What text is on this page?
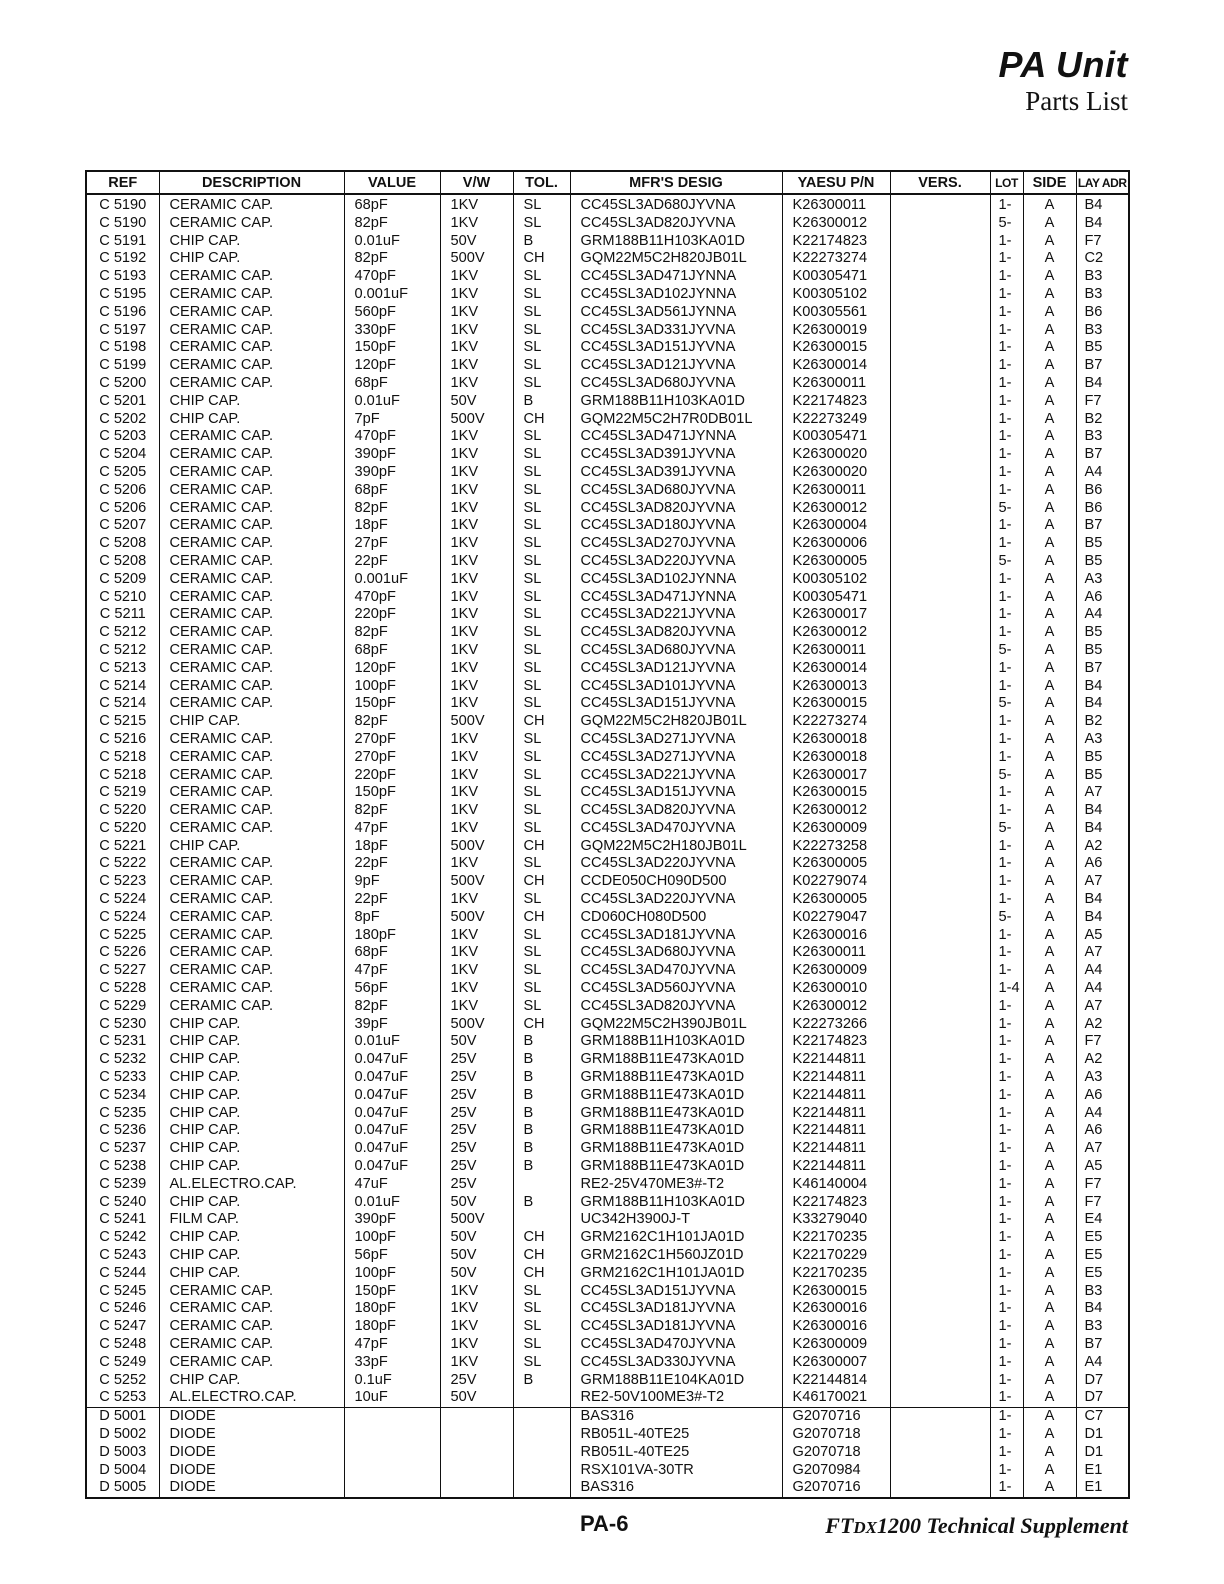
PA Unit
Parts List
REF	DESCRIPTION	VALUE	V/W	TOL.	MFR'S DESIG	YAESU P/N	VERS.	LOT	SIDE	LAY ADR
C 5190	CERAMIC CAP.	68pF	1KV	SL	CC45SL3AD680JYVNA	K26300011		1-	A	B4
C 5190	CERAMIC CAP.	82pF	1KV	SL	CC45SL3AD820JYVNA	K26300012		5-	A	B4
C 5191	CHIP CAP.	0.01uF	50V	B	GRM188B11H103KA01D	K22174823		1-	A	F7
C 5192	CHIP CAP.	82pF	500V	CH	GQM22M5C2H820JB01L	K22273274		1-	A	C2
C 5193	CERAMIC CAP.	470pF	1KV	SL	CC45SL3AD471JYNNA	K00305471		1-	A	B3
C 5195	CERAMIC CAP.	0.001uF	1KV	SL	CC45SL3AD102JYNNA	K00305102		1-	A	B3
C 5196	CERAMIC CAP.	560pF	1KV	SL	CC45SL3AD561JYNNA	K00305561		1-	A	B6
C 5197	CERAMIC CAP.	330pF	1KV	SL	CC45SL3AD331JYVNA	K26300019		1-	A	B3
C 5198	CERAMIC CAP.	150pF	1KV	SL	CC45SL3AD151JYVNA	K26300015		1-	A	B5
C 5199	CERAMIC CAP.	120pF	1KV	SL	CC45SL3AD121JYVNA	K26300014		1-	A	B7
C 5200	CERAMIC CAP.	68pF	1KV	SL	CC45SL3AD680JYVNA	K26300011		1-	A	B4
C 5201	CHIP CAP.	0.01uF	50V	B	GRM188B11H103KA01D	K22174823		1-	A	F7
C 5202	CHIP CAP.	7pF	500V	CH	GQM22M5C2H7R0DB01L	K22273249		1-	A	B2
C 5203	CERAMIC CAP.	470pF	1KV	SL	CC45SL3AD471JYNNA	K00305471		1-	A	B3
C 5204	CERAMIC CAP.	390pF	1KV	SL	CC45SL3AD391JYVNA	K26300020		1-	A	B7
C 5205	CERAMIC CAP.	390pF	1KV	SL	CC45SL3AD391JYVNA	K26300020		1-	A	A4
C 5206	CERAMIC CAP.	68pF	1KV	SL	CC45SL3AD680JYVNA	K26300011		1-	A	B6
C 5206	CERAMIC CAP.	82pF	1KV	SL	CC45SL3AD820JYVNA	K26300012		5-	A	B6
C 5207	CERAMIC CAP.	18pF	1KV	SL	CC45SL3AD180JYVNA	K26300004		1-	A	B7
C 5208	CERAMIC CAP.	27pF	1KV	SL	CC45SL3AD270JYVNA	K26300006		1-	A	B5
C 5208	CERAMIC CAP.	22pF	1KV	SL	CC45SL3AD220JYVNA	K26300005		5-	A	B5
C 5209	CERAMIC CAP.	0.001uF	1KV	SL	CC45SL3AD102JYNNA	K00305102		1-	A	A3
C 5210	CERAMIC CAP.	470pF	1KV	SL	CC45SL3AD471JYNNA	K00305471		1-	A	A6
C 5211	CERAMIC CAP.	220pF	1KV	SL	CC45SL3AD221JYVNA	K26300017		1-	A	A4
C 5212	CERAMIC CAP.	82pF	1KV	SL	CC45SL3AD820JYVNA	K26300012		1-	A	B5
C 5212	CERAMIC CAP.	68pF	1KV	SL	CC45SL3AD680JYVNA	K26300011		5-	A	B5
C 5213	CERAMIC CAP.	120pF	1KV	SL	CC45SL3AD121JYVNA	K26300014		1-	A	B7
C 5214	CERAMIC CAP.	100pF	1KV	SL	CC45SL3AD101JYVNA	K26300013		1-	A	B4
C 5214	CERAMIC CAP.	150pF	1KV	SL	CC45SL3AD151JYVNA	K26300015		5-	A	B4
C 5215	CHIP CAP.	82pF	500V	CH	GQM22M5C2H820JB01L	K22273274		1-	A	B2
C 5216	CERAMIC CAP.	270pF	1KV	SL	CC45SL3AD271JYVNA	K26300018		1-	A	A3
C 5218	CERAMIC CAP.	270pF	1KV	SL	CC45SL3AD271JYVNA	K26300018		1-	A	B5
C 5218	CERAMIC CAP.	220pF	1KV	SL	CC45SL3AD221JYVNA	K26300017		5-	A	B5
C 5219	CERAMIC CAP.	150pF	1KV	SL	CC45SL3AD151JYVNA	K26300015		1-	A	A7
C 5220	CERAMIC CAP.	82pF	1KV	SL	CC45SL3AD820JYVNA	K26300012		1-	A	B4
C 5220	CERAMIC CAP.	47pF	1KV	SL	CC45SL3AD470JYVNA	K26300009		5-	A	B4
C 5221	CHIP CAP.	18pF	500V	CH	GQM22M5C2H180JB01L	K22273258		1-	A	A2
C 5222	CERAMIC CAP.	22pF	1KV	SL	CC45SL3AD220JYVNA	K26300005		1-	A	A6
C 5223	CERAMIC CAP.	9pF	500V	CH	CCDE050CH090D500	K02279074		1-	A	A7
C 5224	CERAMIC CAP.	22pF	1KV	SL	CC45SL3AD220JYVNA	K26300005		1-	A	B4
C 5224	CERAMIC CAP.	8pF	500V	CH	CD060CH080D500	K02279047		5-	A	B4
C 5225	CERAMIC CAP.	180pF	1KV	SL	CC45SL3AD181JYVNA	K26300016		1-	A	A5
C 5226	CERAMIC CAP.	68pF	1KV	SL	CC45SL3AD680JYVNA	K26300011		1-	A	A7
C 5227	CERAMIC CAP.	47pF	1KV	SL	CC45SL3AD470JYVNA	K26300009		1-	A	A4
C 5228	CERAMIC CAP.	56pF	1KV	SL	CC45SL3AD560JYVNA	K26300010		1-4	A	A4
C 5229	CERAMIC CAP.	82pF	1KV	SL	CC45SL3AD820JYVNA	K26300012		1-	A	A7
C 5230	CHIP CAP.	39pF	500V	CH	GQM22M5C2H390JB01L	K22273266		1-	A	A2
C 5231	CHIP CAP.	0.01uF	50V	B	GRM188B11H103KA01D	K22174823		1-	A	F7
C 5232	CHIP CAP.	0.047uF	25V	B	GRM188B11E473KA01D	K22144811		1-	A	A2
C 5233	CHIP CAP.	0.047uF	25V	B	GRM188B11E473KA01D	K22144811		1-	A	A3
C 5234	CHIP CAP.	0.047uF	25V	B	GRM188B11E473KA01D	K22144811		1-	A	A6
C 5235	CHIP CAP.	0.047uF	25V	B	GRM188B11E473KA01D	K22144811		1-	A	A4
C 5236	CHIP CAP.	0.047uF	25V	B	GRM188B11E473KA01D	K22144811		1-	A	A6
C 5237	CHIP CAP.	0.047uF	25V	B	GRM188B11E473KA01D	K22144811		1-	A	A7
C 5238	CHIP CAP.	0.047uF	25V	B	GRM188B11E473KA01D	K22144811		1-	A	A5
C 5239	AL.ELECTRO.CAP.	47uF	25V		RE2-25V470ME3#-T2	K46140004		1-	A	F7
C 5240	CHIP CAP.	0.01uF	50V	B	GRM188B11H103KA01D	K22174823		1-	A	F7
C 5241	FILM CAP.	390pF	500V		UC342H3900J-T	K33279040		1-	A	E4
C 5242	CHIP CAP.	100pF	50V	CH	GRM2162C1H101JA01D	K22170235		1-	A	E5
C 5243	CHIP CAP.	56pF	50V	CH	GRM2162C1H560JZ01D	K22170229		1-	A	E5
C 5244	CHIP CAP.	100pF	50V	CH	GRM2162C1H101JA01D	K22170235		1-	A	E5
C 5245	CERAMIC CAP.	150pF	1KV	SL	CC45SL3AD151JYVNA	K26300015		1-	A	B3
C 5246	CERAMIC CAP.	180pF	1KV	SL	CC45SL3AD181JYVNA	K26300016		1-	A	B4
C 5247	CERAMIC CAP.	180pF	1KV	SL	CC45SL3AD181JYVNA	K26300016		1-	A	B3
C 5248	CERAMIC CAP.	47pF	1KV	SL	CC45SL3AD470JYVNA	K26300009		1-	A	B7
C 5249	CERAMIC CAP.	33pF	1KV	SL	CC45SL3AD330JYVNA	K26300007		1-	A	A4
C 5252	CHIP CAP.	0.1uF	25V	B	GRM188B11E104KA01D	K22144814		1-	A	D7
C 5253	AL.ELECTRO.CAP.	10uF	50V		RE2-50V100ME3#-T2	K46170021		1-	A	D7
D 5001	DIODE				BAS316	G2070716		1-	A	C7
D 5002	DIODE				RB051L-40TE25	G2070718		1-	A	D1
D 5003	DIODE				RB051L-40TE25	G2070718		1-	A	D1
D 5004	DIODE				RSX101VA-30TR	G2070984		1-	A	E1
D 5005	DIODE				BAS316	G2070716		1-	A	E1
PA-6	FTDX1200 Technical Supplement
